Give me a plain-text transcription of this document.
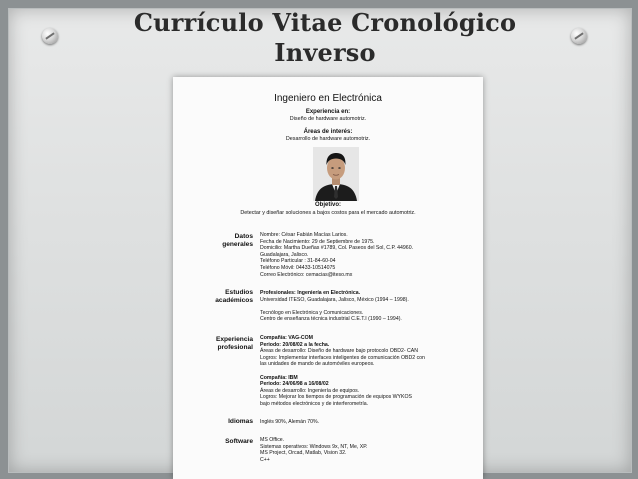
Currículo Vitae Cronológico
Inverso
Ingeniero en Electrónica
Experiencia en:
Diseño de hardware automotriz.
Áreas de interés:
Desarrollo de hardware automotriz.
Objetivo:
Detectar y diseñar soluciones a bajos costos para el mercado automotriz.
Datos
generales
Nombre: César Fabián Macías Larios.
Fecha de Nacimiento: 29 de Septiembre de 1975.
Domicilio: Martha Dueñas #1789, Col. Paseos del Sol, C.P. 44960.
Guadalajara, Jalisco.
Teléfono Particular : 31-84-60-04
Teléfono Móvil: 04433-10514075
Correo Electrónico: cemacias@iteso.mx
Estudios
académicos
Profesionales: Ingeniería en Electrónica.
Universidad ITESO, Guadalajara, Jalisco, México (1994 – 1998).
Tecnólogo en Electrónica y Comunicaciones.
Centro de enseñanza técnica industrial C.E.T.I (1990 – 1994).
Experiencia
profesional
Compañía: VAG-COM
Periodo: 20/08/02 a la fecha.
Áreas de desarrollo: Diseño de hardware bajo protocolo OBD2- CAN
Logros: Implementar interfaces inteligentes de comunicación OBD2 con
las unidades de mando de automóviles europeos.
Compañía: IBM
Periodo: 24/06/98 a 16/08/02
Áreas de desarrollo: Ingeniería de equipos.
Logros: Mejorar los tiempos de programación de equipos WYKOS
bajo métodos electrónicos y de interferometría.
Idiomas Inglés 90%, Alemán 70%.
Software MS Office.
Sistemas operativos: Windows 9x, NT, Me, XP.
MS Project, Orcad, Matlab, Vision 32.
C++
